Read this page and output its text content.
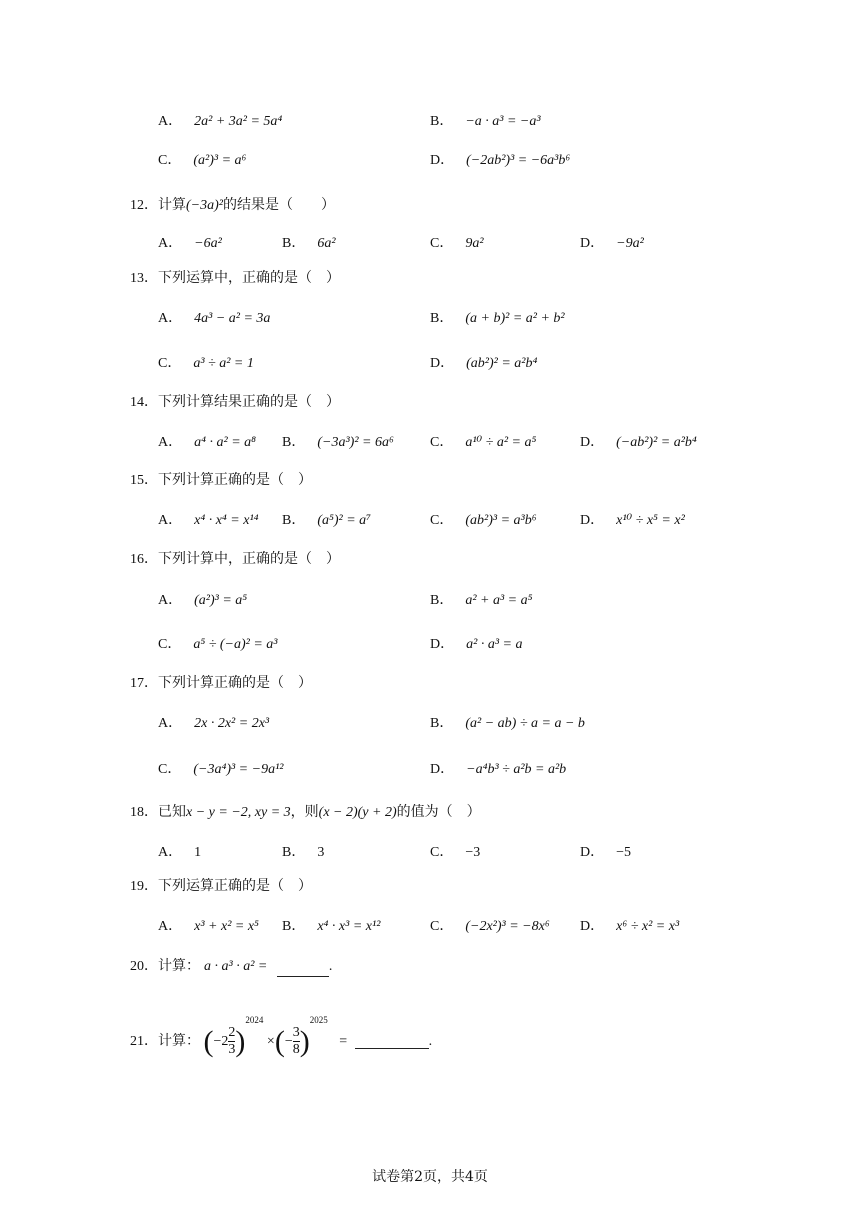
A． 2a² + 3a² = 5a⁴	B． −a · a³ = −a³
C． (a²)³ = a⁶	D． (−2ab²)³ = −6a³b⁶
12．计算(−3a)²的结果是（　　）
A． −6a²	B． 6a²	C． 9a²	D． −9a²
13．下列运算中，正确的是（　）
A． 4a³ − a² = 3a	B． (a + b)² = a² + b²
C． a³ ÷ a² = 1	D． (ab²)² = a²b⁴
14．下列计算结果正确的是（　）
A． a⁴ · a² = a⁸ B． (−3a³)² = 6a⁶	C． a¹⁰ ÷ a² = a⁵	D． (−ab²)² = a²b⁴
15．下列计算正确的是（　）
A． x⁴ · x⁴ = x¹⁴ B． (a⁵)² = a⁷	C． (ab²)³ = a³b⁶	D． x¹⁰ ÷ x⁵ = x²
16．下列计算中，正确的是（　）
A． (a²)³ = a⁵	B． a² + a³ = a⁵
C． a⁵ ÷ (−a)² = a³	D． a² · a³ = a
17．下列计算正确的是（　）
A． 2x · 2x² = 2x³	B． (a² − ab) ÷ a = a − b
C． (−3a⁴)³ = −9a¹²	D． −a⁴b³ ÷ a²b = a²b
18．已知x − y = −2, xy = 3，则(x − 2)(y + 2)的值为（　）
A． 1	B． 3	C． −3	D． −5
19．下列运算正确的是（　）
A． x³ + x² = x⁵ B． x⁴ · x³ = x¹²	C． (−2x²)³ = −8x⁶ D． x⁶ ÷ x² = x³
20．计算： a · a³ · a² =	.
21．计算： $(-2 \frac{2}{3} )^{2024}$ ×(− $\frac{3}{8} )^{2025}$ =	.
试卷第2页，共4页
